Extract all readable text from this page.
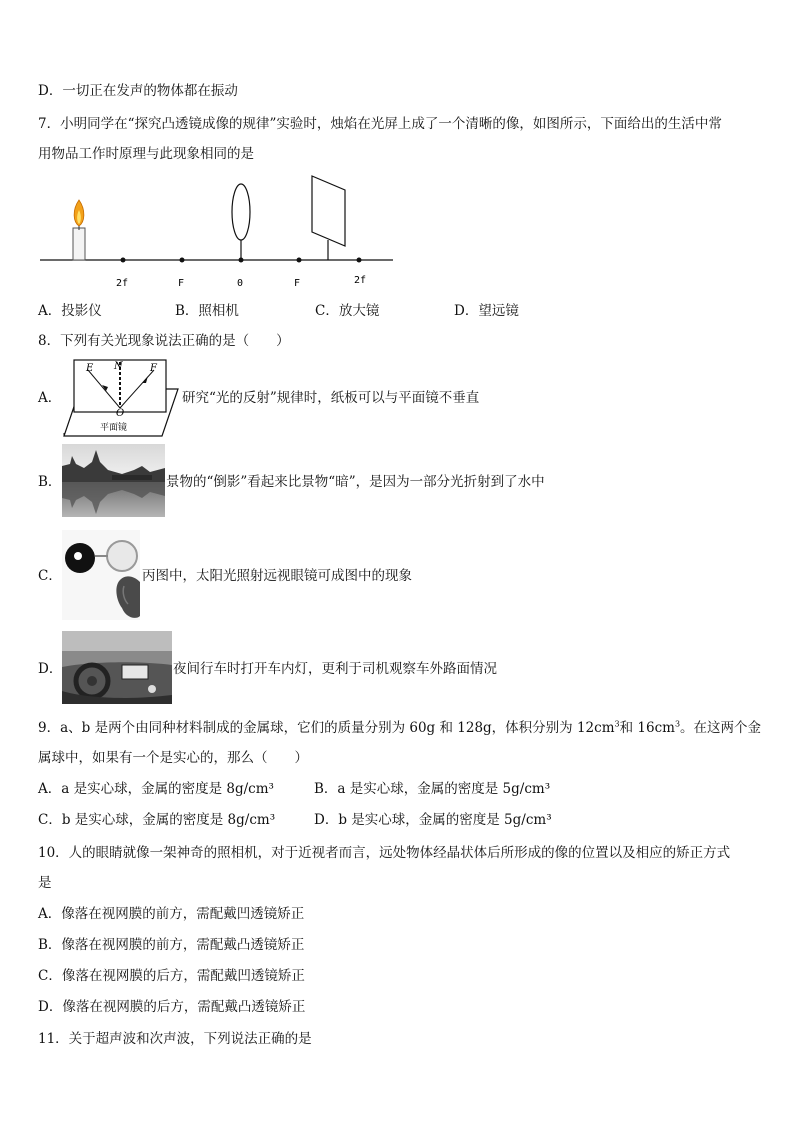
D．一切正在发声的物体都在振动
7．小明同学在“探究凸透镜成像的规律”实验时，烛焰在光屏上成了一个清晰的像，如图所示，下面给出的生活中常
用物品工作时原理与此现象相同的是
2f	F	0	F	2f
A．投影仪	B．照相机	C．放大镜	D．望远镜
8．下列有关光现象说法正确的是（　　）
A．
E N	F
O
平面镜
研究“光的反射”规律时，纸板可以与平面镜不垂直
B．	景物的“倒影”看起来比景物“暗”，是因为一部分光折射到了水中
C．	丙图中，太阳光照射远视眼镜可成图中的现象
D．	夜间行车时打开车内灯，更利于司机观察车外路面情况
9．a、b 是两个由同种材料制成的金属球，它们的质量分别为 60g 和 128g，体积分别为 $12cm^3$和 $16cm^3$。在这两个金
属球中，如果有一个是实心的，那么（　　）
A．a 是实心球，金属的密度是 8g/cm³	B．a 是实心球，金属的密度是 5g/cm³
C．b 是实心球，金属的密度是 8g/cm³	D．b 是实心球，金属的密度是 5g/cm³
10．人的眼睛就像一架神奇的照相机，对于近视者而言，远处物体经晶状体后所形成的像的位置以及相应的矫正方式
是
A．像落在视网膜的前方，需配戴凹透镜矫正
B．像落在视网膜的前方，需配戴凸透镜矫正
C．像落在视网膜的后方，需配戴凹透镜矫正
D．像落在视网膜的后方，需配戴凸透镜矫正
11．关于超声波和次声波，下列说法正确的是
